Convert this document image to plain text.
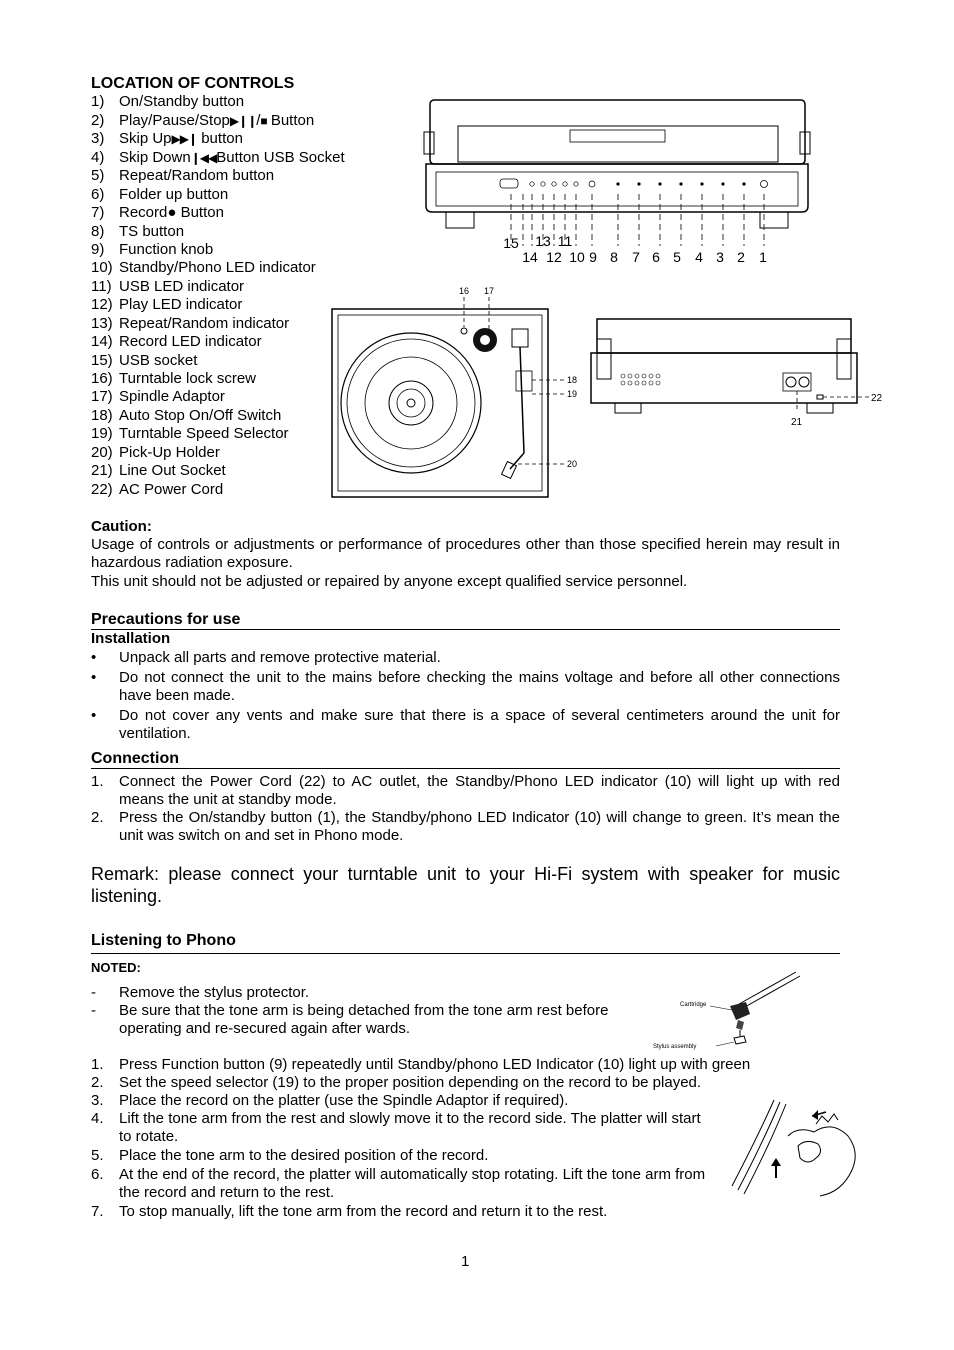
LOCATION OF CONTROLS
1) On/Standby button
2) Play/Pause/Stop▶❙❙/■ Button
3) Skip Up▶▶❙ button
4) Skip Down❙◀◀Button USB Socket
5) Repeat/Random button
6) Folder up button
7) Record● Button
8) TS button
9) Function knob
10) Standby/Phono LED indicator
11) USB LED indicator
12) Play LED indicator
13) Repeat/Random indicator
14) Record LED indicator
15) USB socket
16) Turntable lock screw
17) Spindle Adaptor
18) Auto Stop On/Off Switch
19) Turntable Speed Selector
20) Pick-Up Holder
21) Line Out Socket
22) AC Power Cord
15 13 11
14 12 10 9 8 7 6 5 4 3 2 1
16 17
18
19
20
21
22
Caution:
Usage of controls or adjustments or performance of procedures other than those specified herein may result in hazardous radiation exposure.
This unit should not be adjusted or repaired by anyone except qualified service personnel.
Precautions for use
Installation
• Unpack all parts and remove protective material.
• Do not connect the unit to the mains before checking the mains voltage and before all other connections have been made.
• Do not cover any vents and make sure that there is a space of several centimeters around the unit for ventilation.
Connection
1. Connect the Power Cord (22) to AC outlet, the Standby/Phono LED indicator (10) will light up with red means the unit at standby mode.
2. Press the On/standby button (1), the Standby/phono LED Indicator (10) will change to green. It’s mean the unit was switch on and set in Phono mode.
Remark: please connect your turntable unit to your Hi-Fi system with speaker for music listening.
Listening to Phono
NOTED:
- Remove the stylus protector.
- Be sure that the tone arm is being detached from the tone arm rest before operating and re-secured again after wards.
Carttridge
Stylus assembly
1. Press Function button (9) repeatedly until Standby/phono LED Indicator (10) light up with green
2. Set the speed selector (19) to the proper position depending on the record to be played.
3. Place the record on the platter (use the Spindle Adaptor if required).
4. Lift the tone arm from the rest and slowly move it to the record side. The platter will start to rotate.
5. Place the tone arm to the desired position of the record.
6. At the end of the record, the platter will automatically stop rotating. Lift the tone arm from the record and return to the rest.
7. To stop manually, lift the tone arm from the record and return it to the rest.
1
